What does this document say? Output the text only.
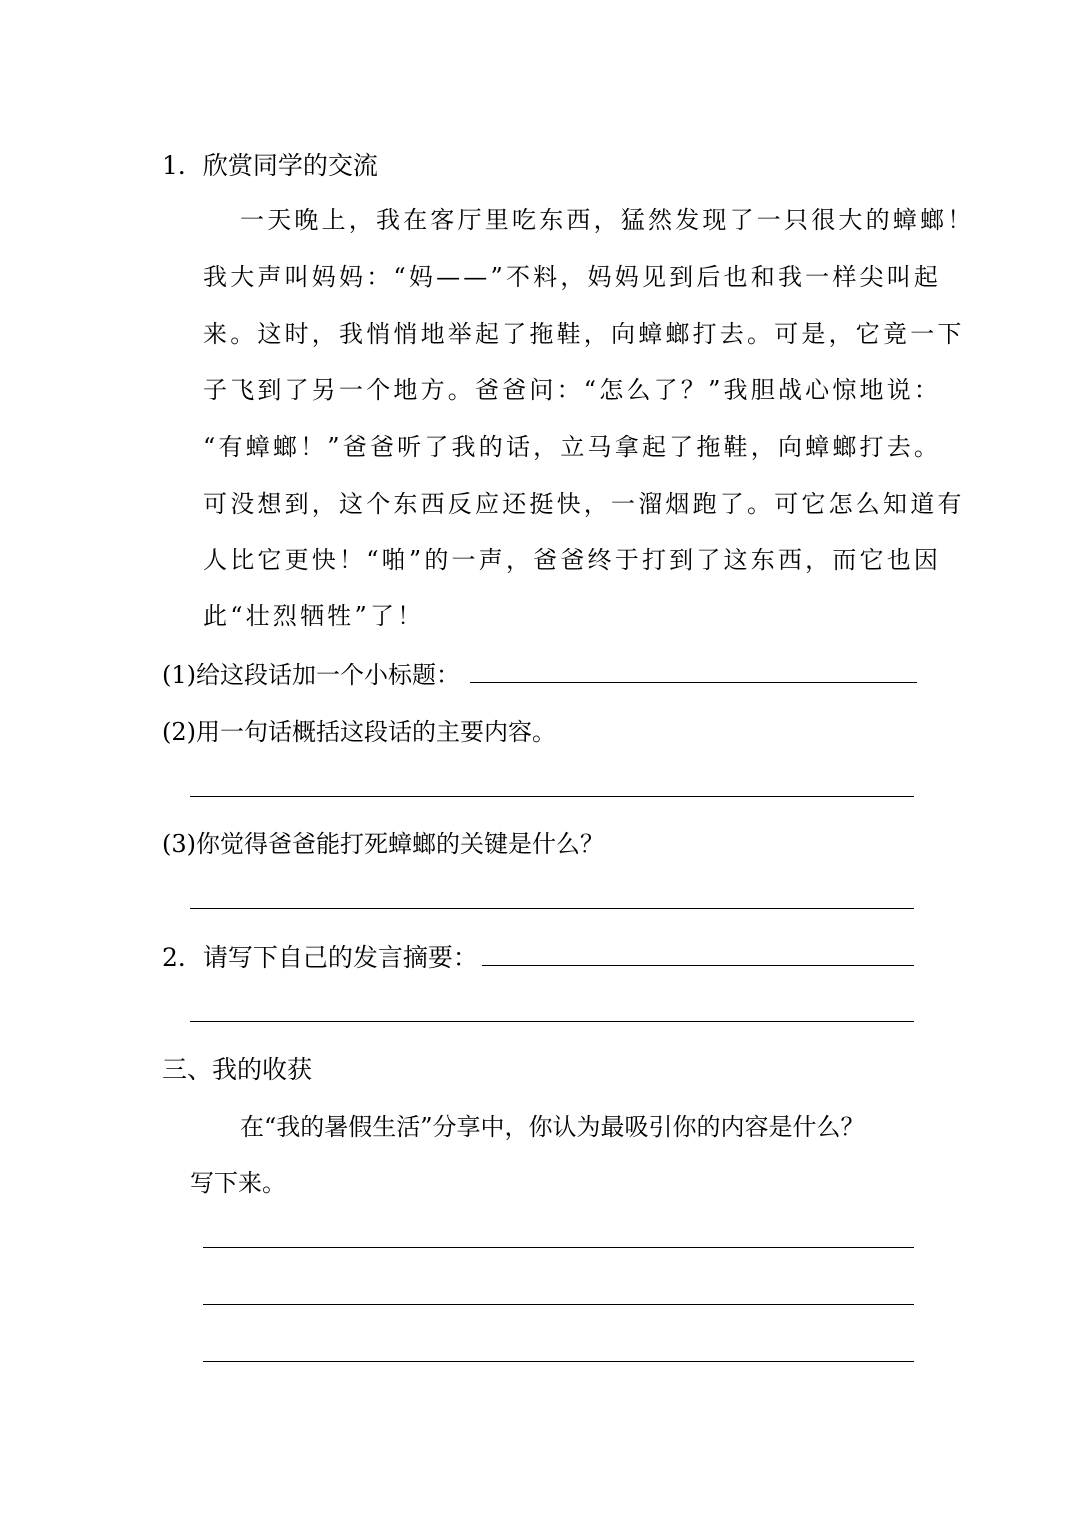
1．欣赏同学的交流
一天晚上，我在客厅里吃东西，猛然发现了一只很大的蟑螂！
我大声叫妈妈：“妈——”不料，妈妈见到后也和我一样尖叫起
来。这时，我悄悄地举起了拖鞋，向蟑螂打去。可是，它竟一下
子飞到了另一个地方。爸爸问：“怎么了？”我胆战心惊地说：
“有蟑螂！”爸爸听了我的话，立马拿起了拖鞋，向蟑螂打去。
可没想到，这个东西反应还挺快，一溜烟跑了。可它怎么知道有
人比它更快！“啪”的一声，爸爸终于打到了这东西，而它也因
此“壮烈牺牲”了！
(1)给这段话加一个小标题：
(2)用一句话概括这段话的主要内容。
(3)你觉得爸爸能打死蟑螂的关键是什么？
2．请写下自己的发言摘要：
三、我的收获
在“我的暑假生活”分享中，你认为最吸引你的内容是什么？
写下来。
